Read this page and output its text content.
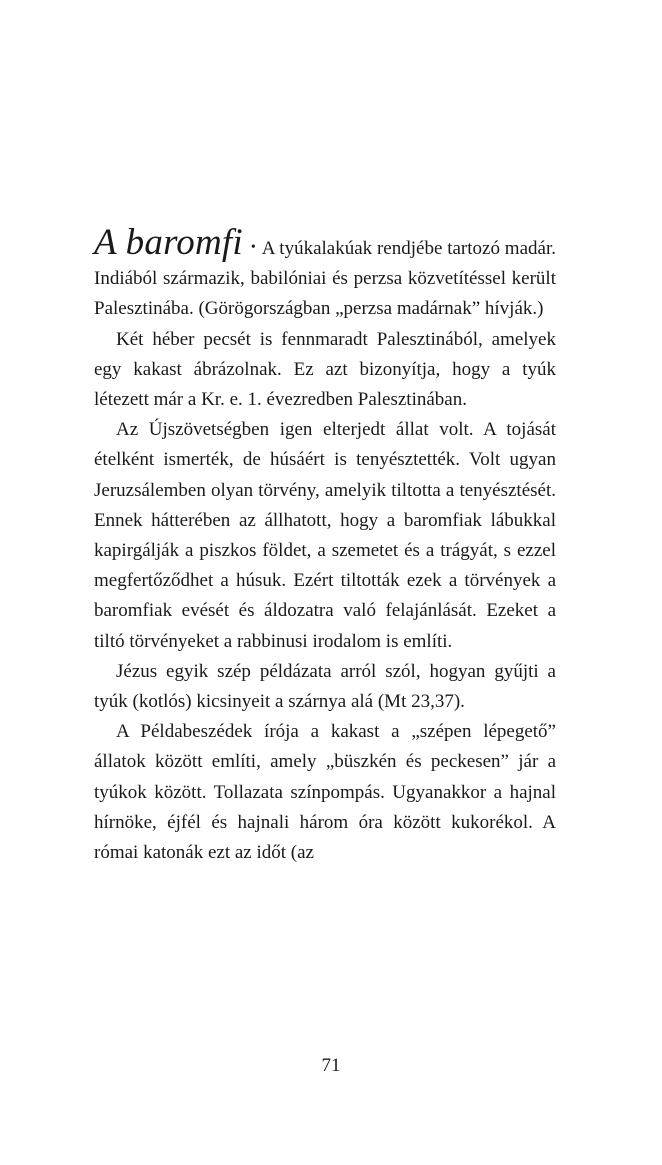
A baromfi • A tyúkalakúak rendjébe tartozó madár. Indiából származik, babilóniai és perzsa közvetítéssel került Palesztinába. (Görögországban „perzsa madárnak” hívják.)

Két héber pecsét is fennmaradt Palesztinából, amelyek egy kakast ábrázolnak. Ez azt bizonyítja, hogy a tyúk létezett már a Kr. e. 1. évezredben Palesztinában.

Az Újszövetségben igen elterjedt állat volt. A tojását ételként ismerték, de húsáért is tenyésztették. Volt ugyan Jeruzsálemben olyan törvény, amelyik tiltotta a tenyésztését. Ennek hátterében az állhatott, hogy a baromfiak lábukkal kapirgálják a piszkos földet, a szemetet és a trágyát, s ezzel megfertőződhet a húsuk. Ezért tiltották ezek a törvények a baromfiak evését és áldozatra való felajánlását. Ezeket a tiltó törvényeket a rabbinusi irodalom is említi.

Jézus egyik szép példázata arról szól, hogyan gyűjti a tyúk (kotlós) kicsinyeit a szárnya alá (Mt 23,37).

A Példabeszédek írója a kakast a „szépen lépegető” állatok között említi, amely „büszkén és peckesen” jár a tyúkok között. Tollazata színpompás. Ugyanakkor a hajnal hírnöke, éjfél és hajnali három óra között kukorékol. A római katonák ezt az időt (az

71
